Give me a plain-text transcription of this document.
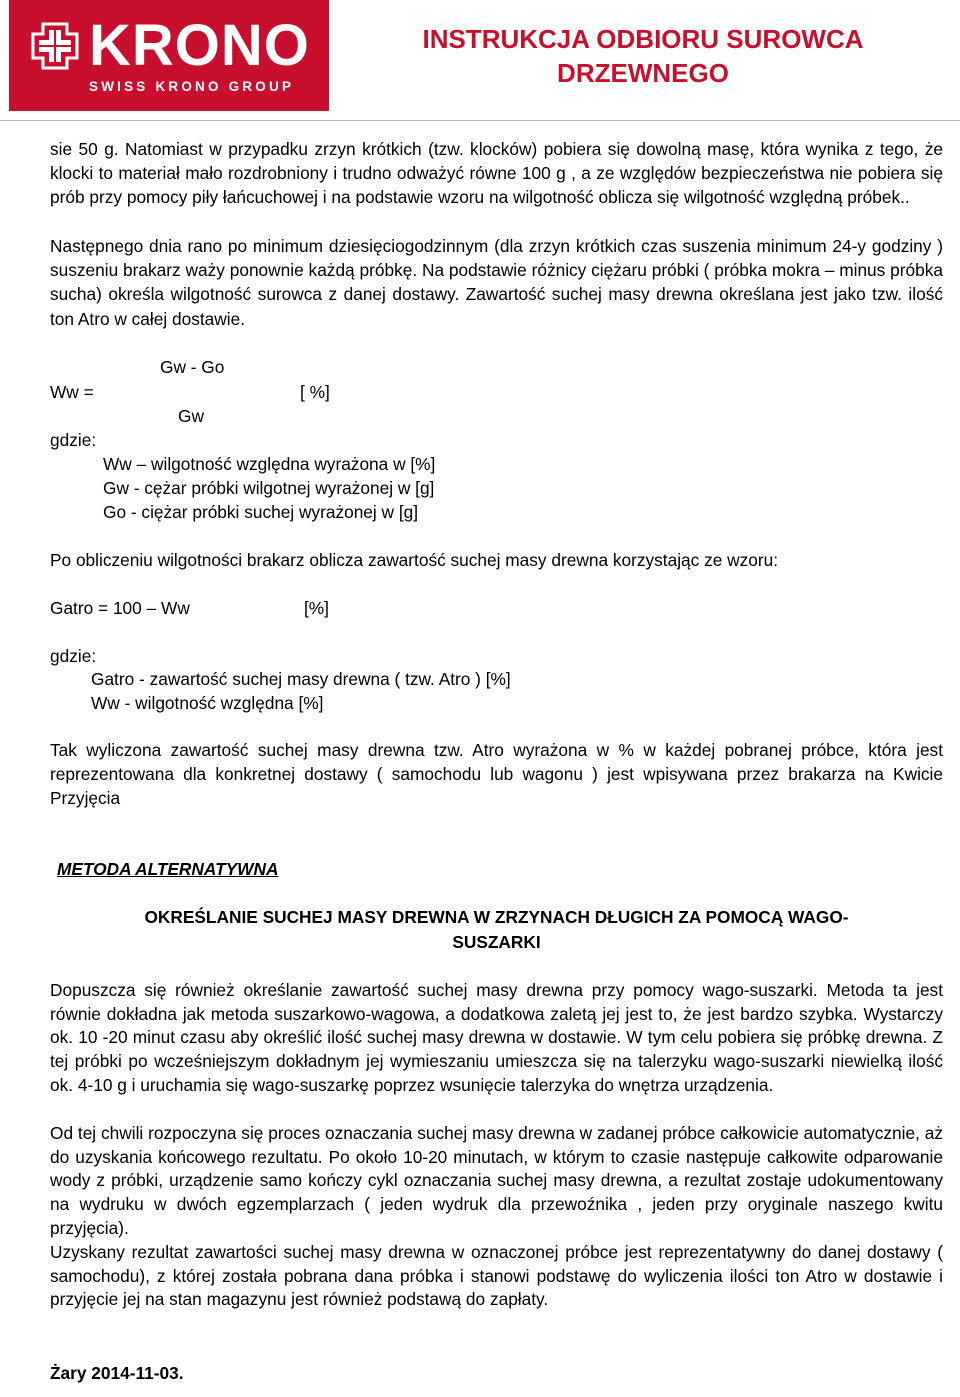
KRONO
SWISS KRONO GROUP
INSTRUKCJA ODBIORU SUROWCA
DRZEWNEGO

sie 50 g. Natomiast w przypadku zrzyn krótkich (tzw. klocków) pobiera się dowolną masę, która wynika z tego, że klocki to materiał mało rozdrobniony i trudno odważyć równe 100 g , a ze względów bezpieczeństwa nie pobiera się prób przy pomocy piły łańcuchowej i na podstawie wzoru na wilgotność oblicza się wilgotność względną próbek..

Następnego dnia rano po minimum dziesięciogodzinnym (dla zrzyn krótkich czas suszenia minimum 24-y godziny ) suszeniu brakarz waży ponownie każdą próbkę. Na podstawie różnicy ciężaru próbki ( próbka mokra – minus próbka sucha) określa wilgotność surowca z danej dostawy. Zawartość suchej masy drewna określana jest jako tzw. ilość ton Atro w całej dostawie.

Gw - Go
Ww =	[ %]
Gw
gdzie:
Ww – wilgotność względna wyrażona w [%]
Gw - cężar próbki wilgotnej wyrażonej w [g]
Go - ciężar próbki suchej wyrażonej w [g]

Po obliczeniu wilgotności brakarz oblicza zawartość suchej masy drewna korzystając ze wzoru:

Gatro = 100 – Ww	[%]
gdzie:
Gatro - zawartość suchej masy drewna ( tzw. Atro ) [%]
Ww - wilgotność względna [%]

Tak wyliczona zawartość suchej masy drewna tzw. Atro wyrażona w % w każdej pobranej próbce, która jest reprezentowana dla konkretnej dostawy ( samochodu lub wagonu ) jest wpisywana przez brakarza na Kwicie Przyjęcia

METODA ALTERNATYWNA
OKREŚLANIE SUCHEJ MASY DREWNA W ZRZYNACH DŁUGICH ZA POMOCĄ WAGO-
SUSZARKI

Dopuszcza się również określanie zawartość suchej masy drewna przy pomocy wago-suszarki. Metoda ta jest równie dokładna jak metoda suszarkowo-wagowa, a dodatkowa zaletą jej jest to, że jest bardzo szybka. Wystarczy ok. 10 -20 minut czasu aby określić ilość suchej masy drewna w dostawie. W tym celu pobiera się próbkę drewna. Z tej próbki po wcześniejszym dokładnym jej wymieszaniu umieszcza się na talerzyku wago-suszarki niewielką ilość ok. 4-10 g i uruchamia się wago-suszarkę poprzez wsunięcie talerzyka do wnętrza urządzenia.

Od tej chwili rozpoczyna się proces oznaczania suchej masy drewna w zadanej próbce całkowicie automatycznie, aż do uzyskania końcowego rezultatu. Po około 10-20 minutach, w którym to czasie następuje całkowite odparowanie wody z próbki, urządzenie samo kończy cykl oznaczania suchej masy drewna, a rezultat zostaje udokumentowany na wydruku w dwóch egzemplarzach ( jeden wydruk dla przewoźnika , jeden przy oryginale naszego kwitu przyjęcia).

Uzyskany rezultat zawartości suchej masy drewna w oznaczonej próbce jest reprezentatywny do danej dostawy ( samochodu), z której została pobrana dana próbka i stanowi podstawę do wyliczenia ilości ton Atro w dostawie i przyjęcie jej na stan magazynu jest również podstawą do zapłaty.

Żary 2014-11-03.
